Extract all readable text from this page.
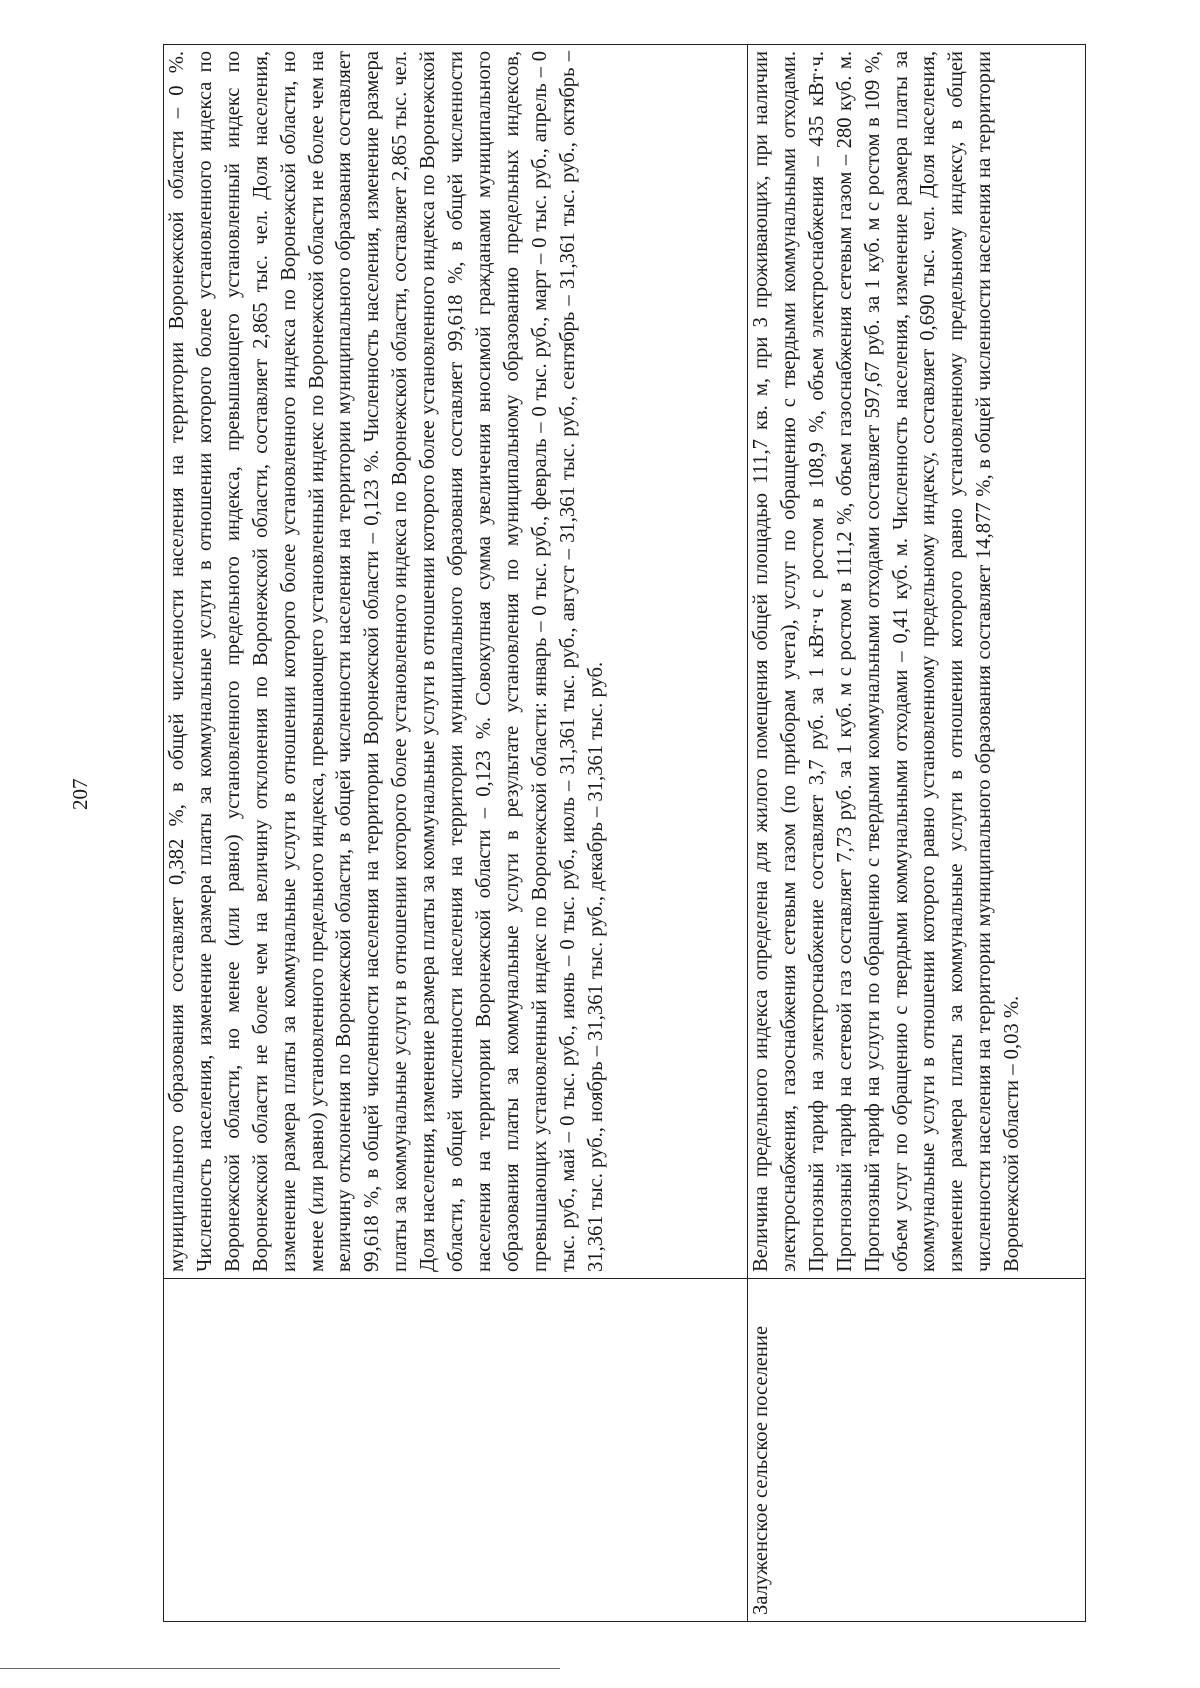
207
		муниципального образования составляет 0,382 %, в общей численности населения на территории Воронежской области – 0 %. Численность населения, изменение размера платы за коммунальные услуги в отношении которого более установленного индекса по Воронежской области, но менее (или равно) установленного предельного индекса, превышающего установленный индекс по Воронежской области не более чем на величину отклонения по Воронежской области, составляет 2,865 тыс. чел. Доля населения, изменение размера платы за коммунальные услуги в отношении которого более установленного индекса по Воронежской области, но менее (или равно) установленного предельного индекса, превышающего установленный индекс по Воронежской области не более чем на величину отклонения по Воронежской области, в общей численности населения на территории муниципального образования составляет 99,618 %, в общей численности населения на территории Воронежской области – 0,123 %. Численность населения, изменение размера платы за коммунальные услуги в отношении которого более установленного индекса по Воронежской области, составляет 2,865 тыс. чел. Доля населения, изменение размера платы за коммунальные услуги в отношении которого более установленного индекса по Воронежской области, в общей численности населения на территории муниципального образования составляет 99,618 %, в общей численности населения на территории Воронежской области – 0,123 %. Совокупная сумма увеличения вносимой гражданами муниципального образования платы за коммунальные услуги в результате установления по муниципальному образованию предельных индексов, превышающих установленный индекс по Воронежской области: январь – 0 тыс. руб., февраль – 0 тыс. руб., март – 0 тыс. руб., апрель – 0 тыс. руб., май – 0 тыс. руб., июнь – 0 тыс. руб., июль – 31,361 тыс. руб., август – 31,361 тыс. руб., сентябрь – 31,361 тыс. руб., октябрь – 31,361 тыс. руб., ноябрь – 31,361 тыс. руб., декабрь – 31,361 тыс. руб.
Залуженское сельское поселение	Величина предельного индекса определена для жилого помещения общей площадью 111,7 кв. м, при 3 проживающих, при наличии электроснабжения, газоснабжения сетевым газом (по приборам учета), услуг по обращению с твердыми коммунальными отходами. Прогнозный тариф на электроснабжение составляет 3,7 руб. за 1 кВт·ч с ростом в 108,9 %, объем электроснабжения – 435 кВт·ч. Прогнозный тариф на сетевой газ составляет 7,73 руб. за 1 куб. м с ростом в 111,2 %, объем газоснабжения сетевым газом – 280 куб. м. Прогнозный тариф на услуги по обращению с твердыми коммунальными отходами составляет 597,67 руб. за 1 куб. м с ростом в 109 %, объем услуг по обращению с твердыми коммунальными отходами – 0,41 куб. м. Численность населения, изменение размера платы за коммунальные услуги в отношении которого равно установленному предельному индексу, составляет 0,690 тыс. чел. Доля населения, изменение размера платы за коммунальные услуги в отношении которого равно установленному предельному индексу, в общей численности населения на территории муниципального образования составляет 14,877 %, в общей численности населения на территории Воронежской области – 0,03 %.
